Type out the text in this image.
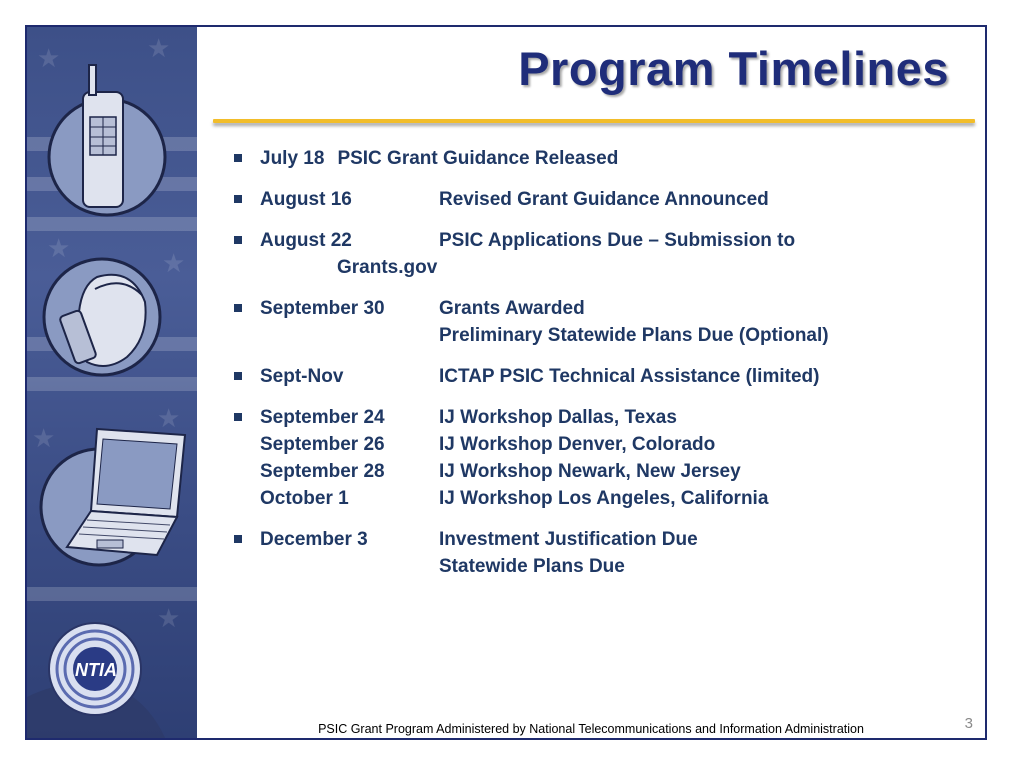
★	★
★	★
★
★
★
NTIA
Program Timelines
July 18 PSIC Grant Guidance Released
August 16	Revised Grant Guidance Announced
August 22	PSIC Applications Due – Submission to
Grants.gov
September 30	Grants Awarded
Preliminary Statewide Plans Due (Optional)
Sept-Nov	ICTAP PSIC Technical Assistance (limited)
September 24	IJ Workshop Dallas, Texas
September 26	IJ Workshop Denver, Colorado
September 28	IJ Workshop Newark, New Jersey
October 1	IJ Workshop Los Angeles, California
December 3	Investment Justification Due
Statewide Plans Due
3
PSIC Grant Program Administered by National Telecommunications and Information Administration
